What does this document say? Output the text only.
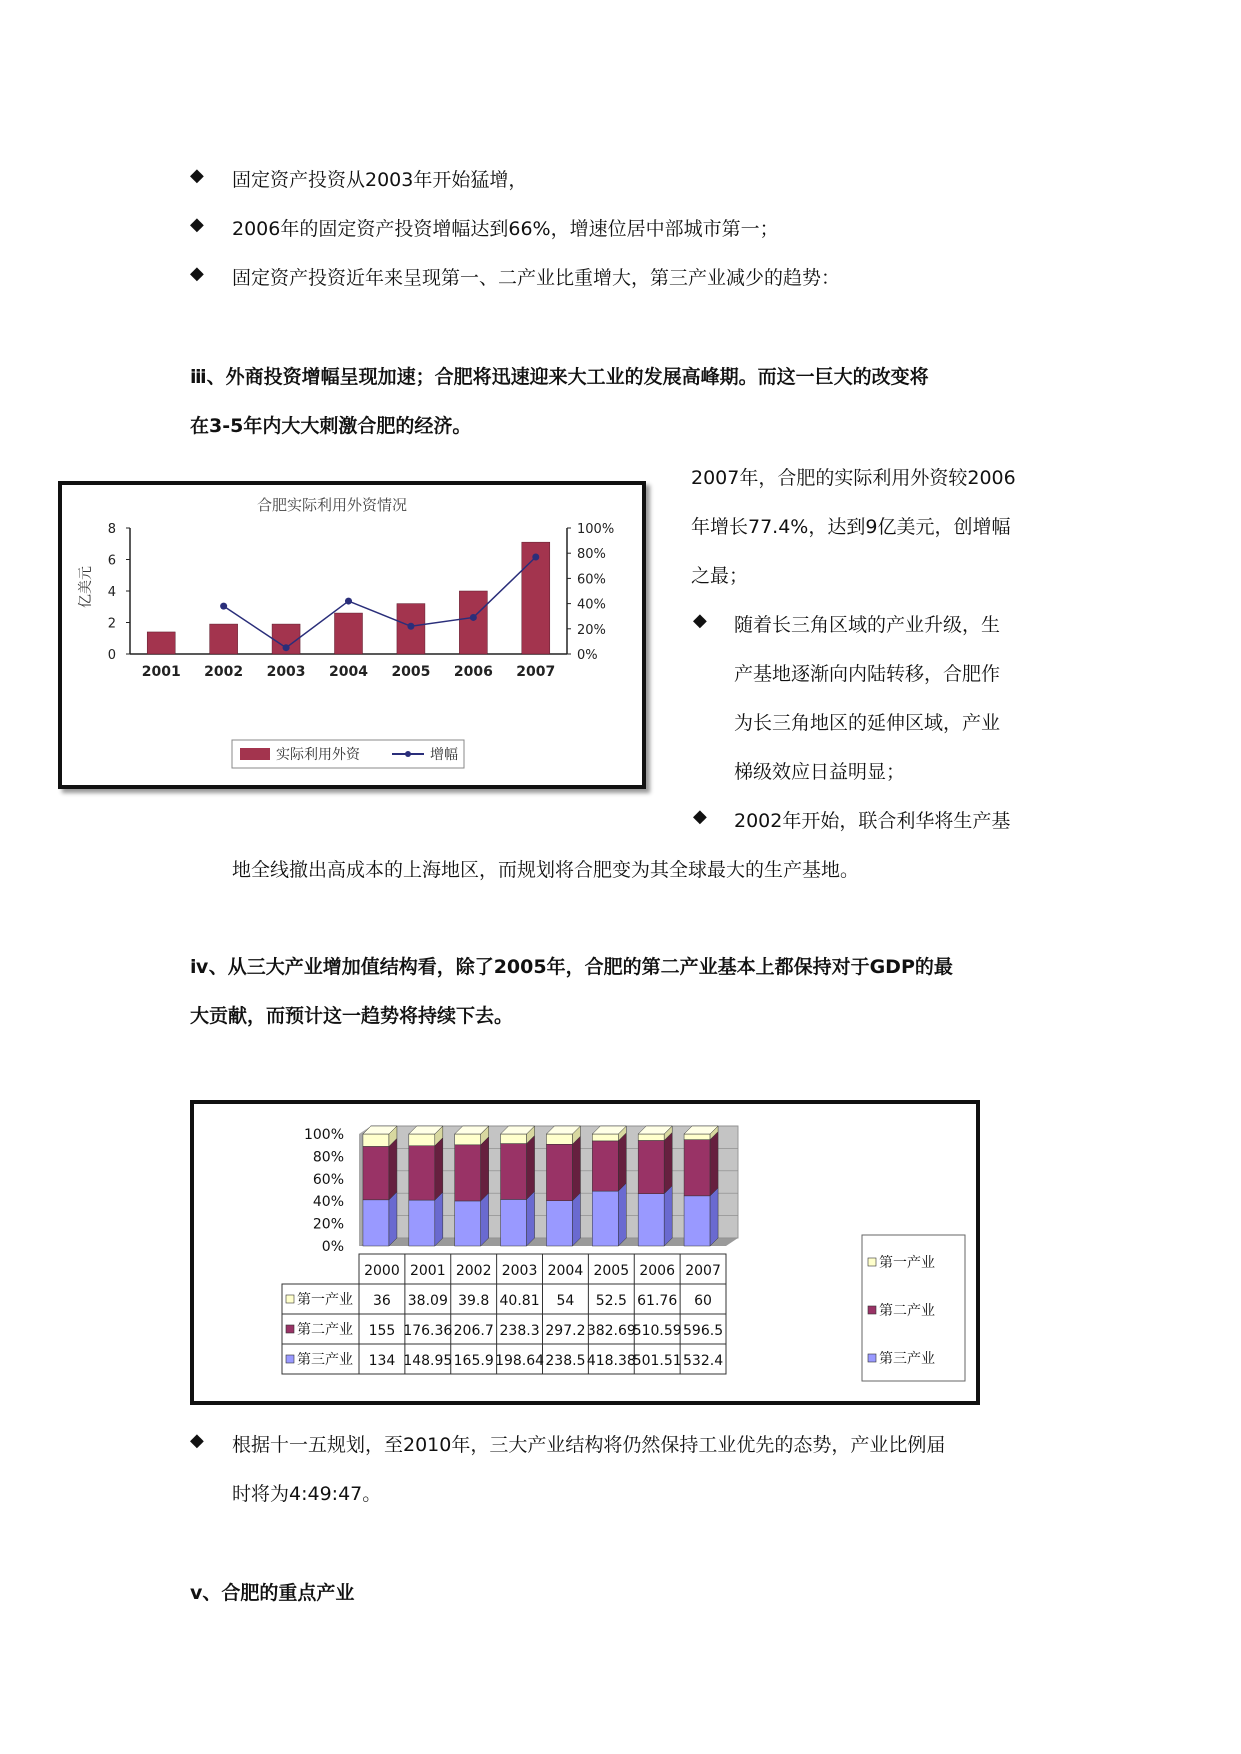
◆ 固定资产投资从2003年开始猛增，
◆ 2006年的固定资产投资增幅达到66%，增速位居中部城市第一；
◆ 固定资产投资近年来呈现第一、二产业比重增大，第三产业减少的趋势：
ⅲ、外商投资增幅呈现加速；合肥将迅速迎来大工业的发展高峰期。而这一巨大的改变将
在3-5年内大大刺激合肥的经济。
合肥实际利用外资情况
亿美元
0
2
4
6
8
0%
20%
40%
60%
80%
100%
2001 2002 2003 2004 2005 2006 2007
实际利用外资	增幅
2007年，合肥的实际利用外资较2006
年增长77.4%，达到9亿美元，创增幅
之最；
◆ 随着长三角区域的产业升级，生
产基地逐渐向内陆转移，合肥作
为长三角地区的延伸区域，产业
梯级效应日益明显；
◆ 2002年开始，联合利华将生产基
地全线撤出高成本的上海地区，而规划将合肥变为其全球最大的生产基地。
ⅳ、从三大产业增加值结构看，除了2005年，合肥的第二产业基本上都保持对于GDP的最
大贡献，而预计这一趋势将持续下去。
0%
20%
40%
60%
80%
100%
2000 2001 2002 2003 2004 2005 2006 2007
第一产业 36 38.09 39.8 40.81 54 52.5 61.76 60
第二产业 155 176.36 206.7 238.3 297.2 382.69
510.59 596.5
第三产业 134 148.95 165.9 198.64 238.5 418.38
501.51 532.4
第一产业
第二产业
第三产业
◆ 根据十一五规划，至2010年，三大产业结构将仍然保持工业优先的态势，产业比例届
时将为4:49:47。
ⅴ、合肥的重点产业
